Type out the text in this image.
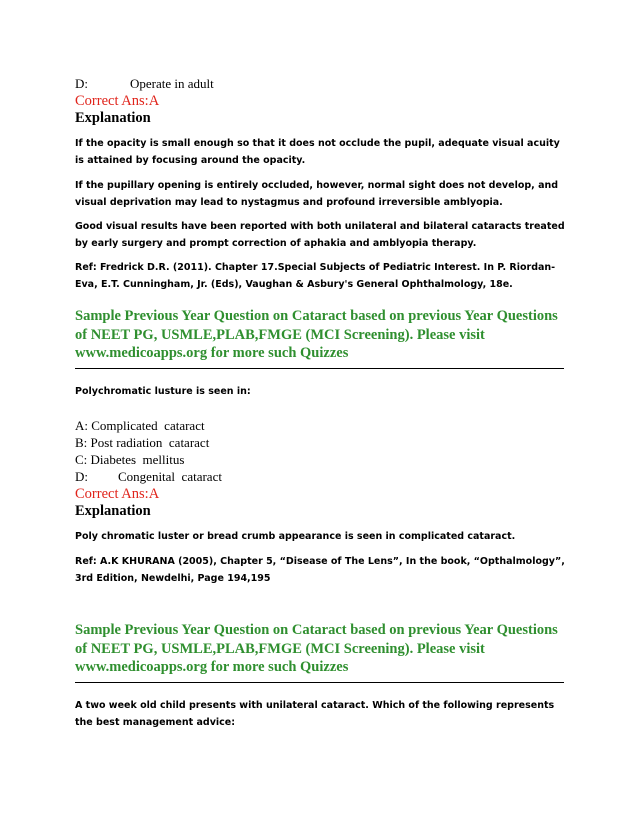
D:	Operate in adult
Correct Ans:A
Explanation

If the opacity is small enough so that it does not occlude the pupil, adequate visual acuity is attained by focusing around the opacity.

If the pupillary opening is entirely occluded, however, normal sight does not develop, and visual deprivation may lead to nystagmus and profound irreversible amblyopia.

Good visual results have been reported with both unilateral and bilateral cataracts treated by early surgery and prompt correction of aphakia and amblyopia therapy.

Ref: Fredrick D.R. (2011). Chapter 17.Special Subjects of Pediatric Interest. In P. Riordan-Eva, E.T. Cunningham, Jr. (Eds), Vaughan & Asbury's General Ophthalmology, 18e.

Sample Previous Year Question on Cataract based on previous Year Questions of NEET PG, USMLE,PLAB,FMGE (MCI Screening). Please visit www.medicoapps.org for more such Quizzes

Polychromatic lusture is seen in:

A: Complicated  cataract
B: Post radiation  cataract
C: Diabetes  mellitus
D: Congenital  cataract
Correct Ans:A
Explanation

Poly chromatic luster or bread crumb appearance is seen in complicated cataract.

Ref: A.K KHURANA (2005), Chapter 5, “Disease of The Lens”, In the book, “Opthalmology”, 3rd Edition, Newdelhi, Page 194,195

Sample Previous Year Question on Cataract based on previous Year Questions of NEET PG, USMLE,PLAB,FMGE (MCI Screening). Please visit www.medicoapps.org for more such Quizzes

A two week old child presents with unilateral cataract. Which of the following represents the best management advice:
